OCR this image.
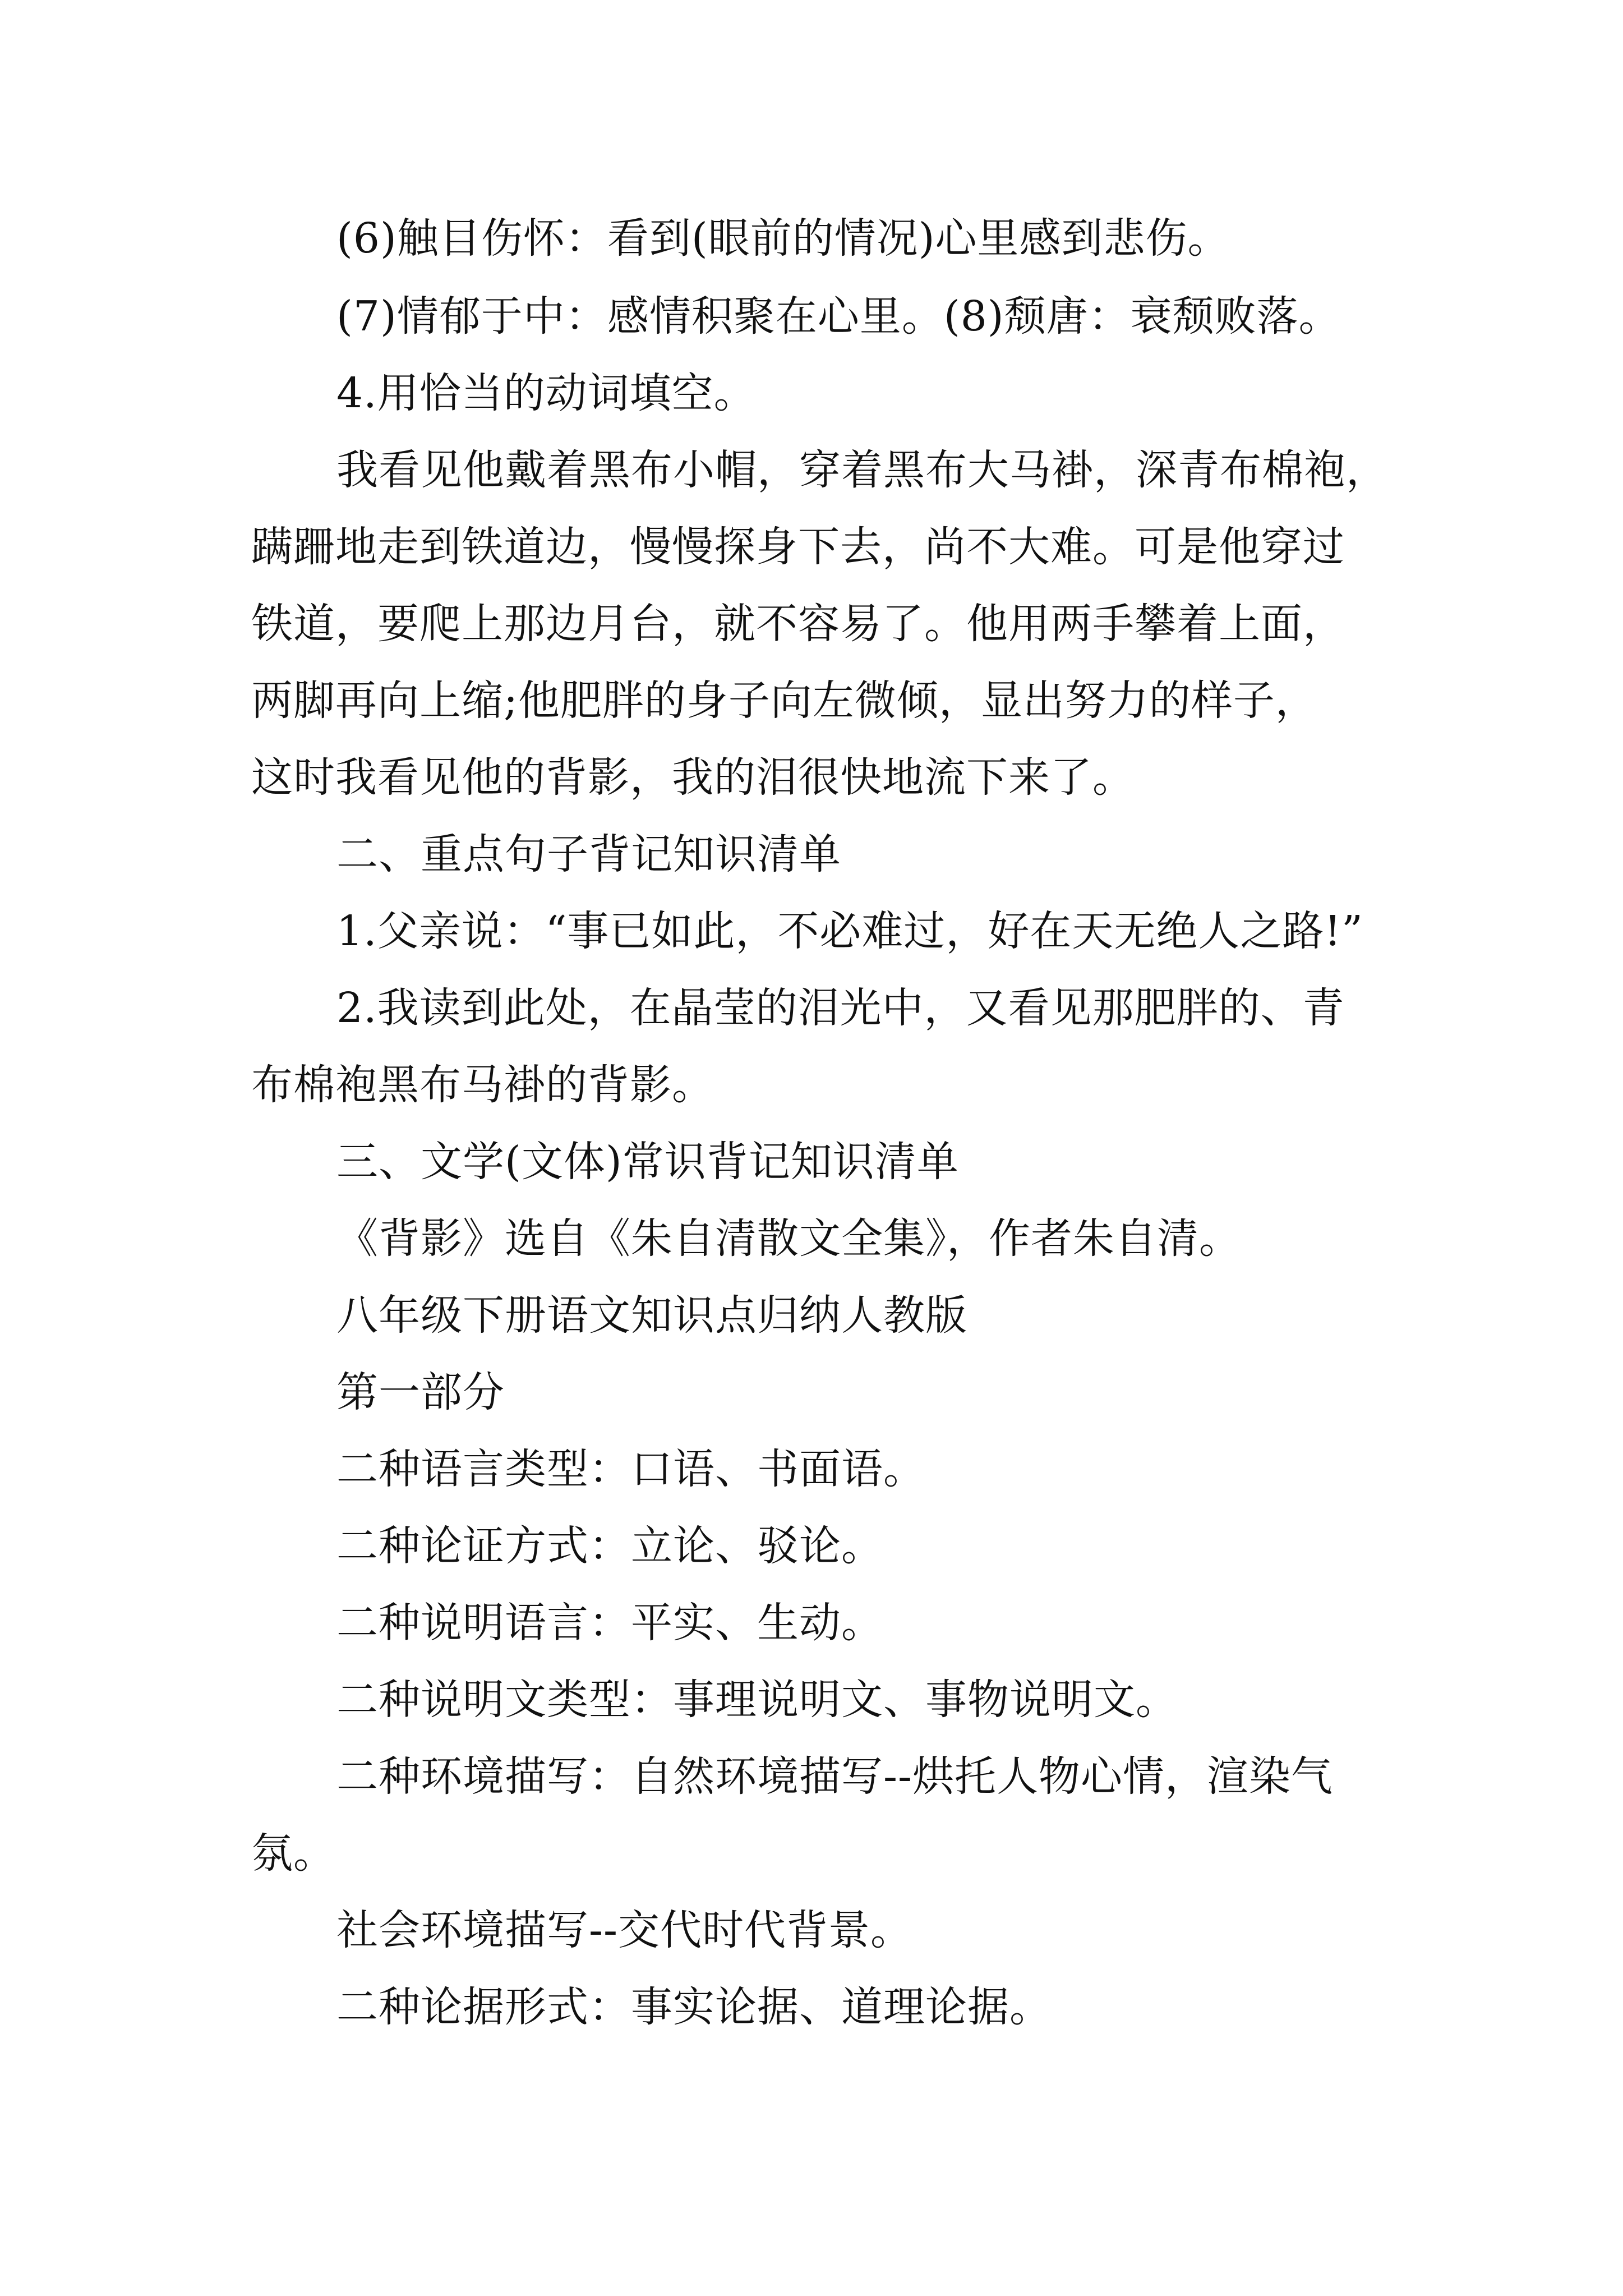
(6)触目伤怀：看到(眼前的情况)心里感到悲伤。
(7)情郁于中：感情积聚在心里。(8)颓唐：衰颓败落。
4.用恰当的动词填空。
我看见他戴着黑布小帽，穿着黑布大马褂，深青布棉袍，
蹒跚地走到铁道边，慢慢探身下去，尚不大难。可是他穿过
铁道，要爬上那边月台，就不容易了。他用两手攀着上面，
两脚再向上缩;他肥胖的身子向左微倾，显出努力的样子，
这时我看见他的背影，我的泪很快地流下来了。
二、重点句子背记知识清单
1.父亲说：“事已如此，不必难过，好在天无绝人之路!”
2.我读到此处，在晶莹的泪光中，又看见那肥胖的、青
布棉袍黑布马褂的背影。
三、文学(文体)常识背记知识清单
《背影》选自《朱自清散文全集》，作者朱自清。
八年级下册语文知识点归纳人教版
第一部分
二种语言类型：口语、书面语。
二种论证方式：立论、驳论。
二种说明语言：平实、生动。
二种说明文类型：事理说明文、事物说明文。
二种环境描写：自然环境描写--烘托人物心情，渲染气
氛。
社会环境描写--交代时代背景。
二种论据形式：事实论据、道理论据。
